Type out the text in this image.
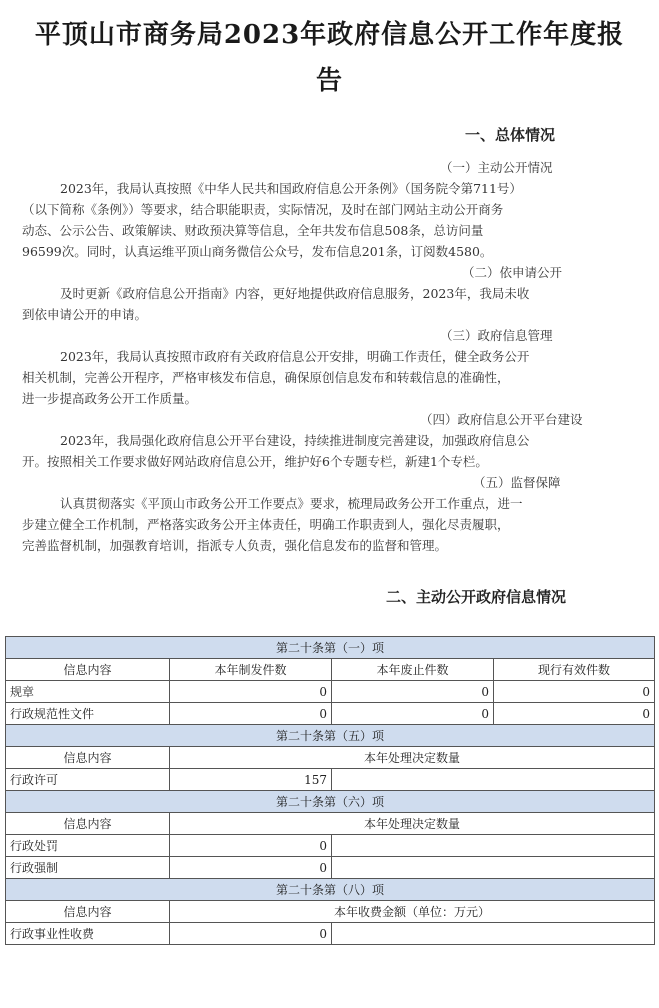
平顶山市商务局2023年政府信息公开工作年度报
告
一、总体情况
（一）主动公开情况
2023年，我局认真按照《中华人民共和国政府信息公开条例》（国务院令第711号）
（以下简称《条例》）等要求，结合职能职责，实际情况，及时在部门网站主动公开商务
动态、公示公告、政策解读、财政预决算等信息，全年共发布信息508条，总访问量
96599次。同时，认真运维平顶山商务微信公众号，发布信息201条，订阅数4580。
（二）依申请公开
及时更新《政府信息公开指南》内容，更好地提供政府信息服务，2023年，我局未收
到依申请公开的申请。
（三）政府信息管理
2023年，我局认真按照市政府有关政府信息公开安排，明确工作责任，健全政务公开
相关机制，完善公开程序，严格审核发布信息，确保原创信息发布和转载信息的准确性，
进一步提高政务公开工作质量。
（四）政府信息公开平台建设
2023年，我局强化政府信息公开平台建设，持续推进制度完善建设，加强政府信息公
开。按照相关工作要求做好网站政府信息公开，维护好6个专题专栏，新建1个专栏。
（五）监督保障
认真贯彻落实《平顶山市政务公开工作要点》要求，梳理局政务公开工作重点，进一
步建立健全工作机制，严格落实政务公开主体责任，明确工作职责到人，强化尽责履职，
完善监督机制，加强教育培训，指派专人负责，强化信息发布的监督和管理。
二、主动公开政府信息情况
第二十条第（一）项			
信息内容	本年制发件数	本年废止件数	现行有效件数
规章	0	0	0
行政规范性文件	0	0	0
第二十条第（五）项			
信息内容	本年处理决定数量		
行政许可	157		
第二十条第（六）项			
信息内容	本年处理决定数量		
行政处罚	0		
行政强制	0		
第二十条第（八）项			
信息内容	本年收费金额（单位：万元）		
行政事业性收费	0		
